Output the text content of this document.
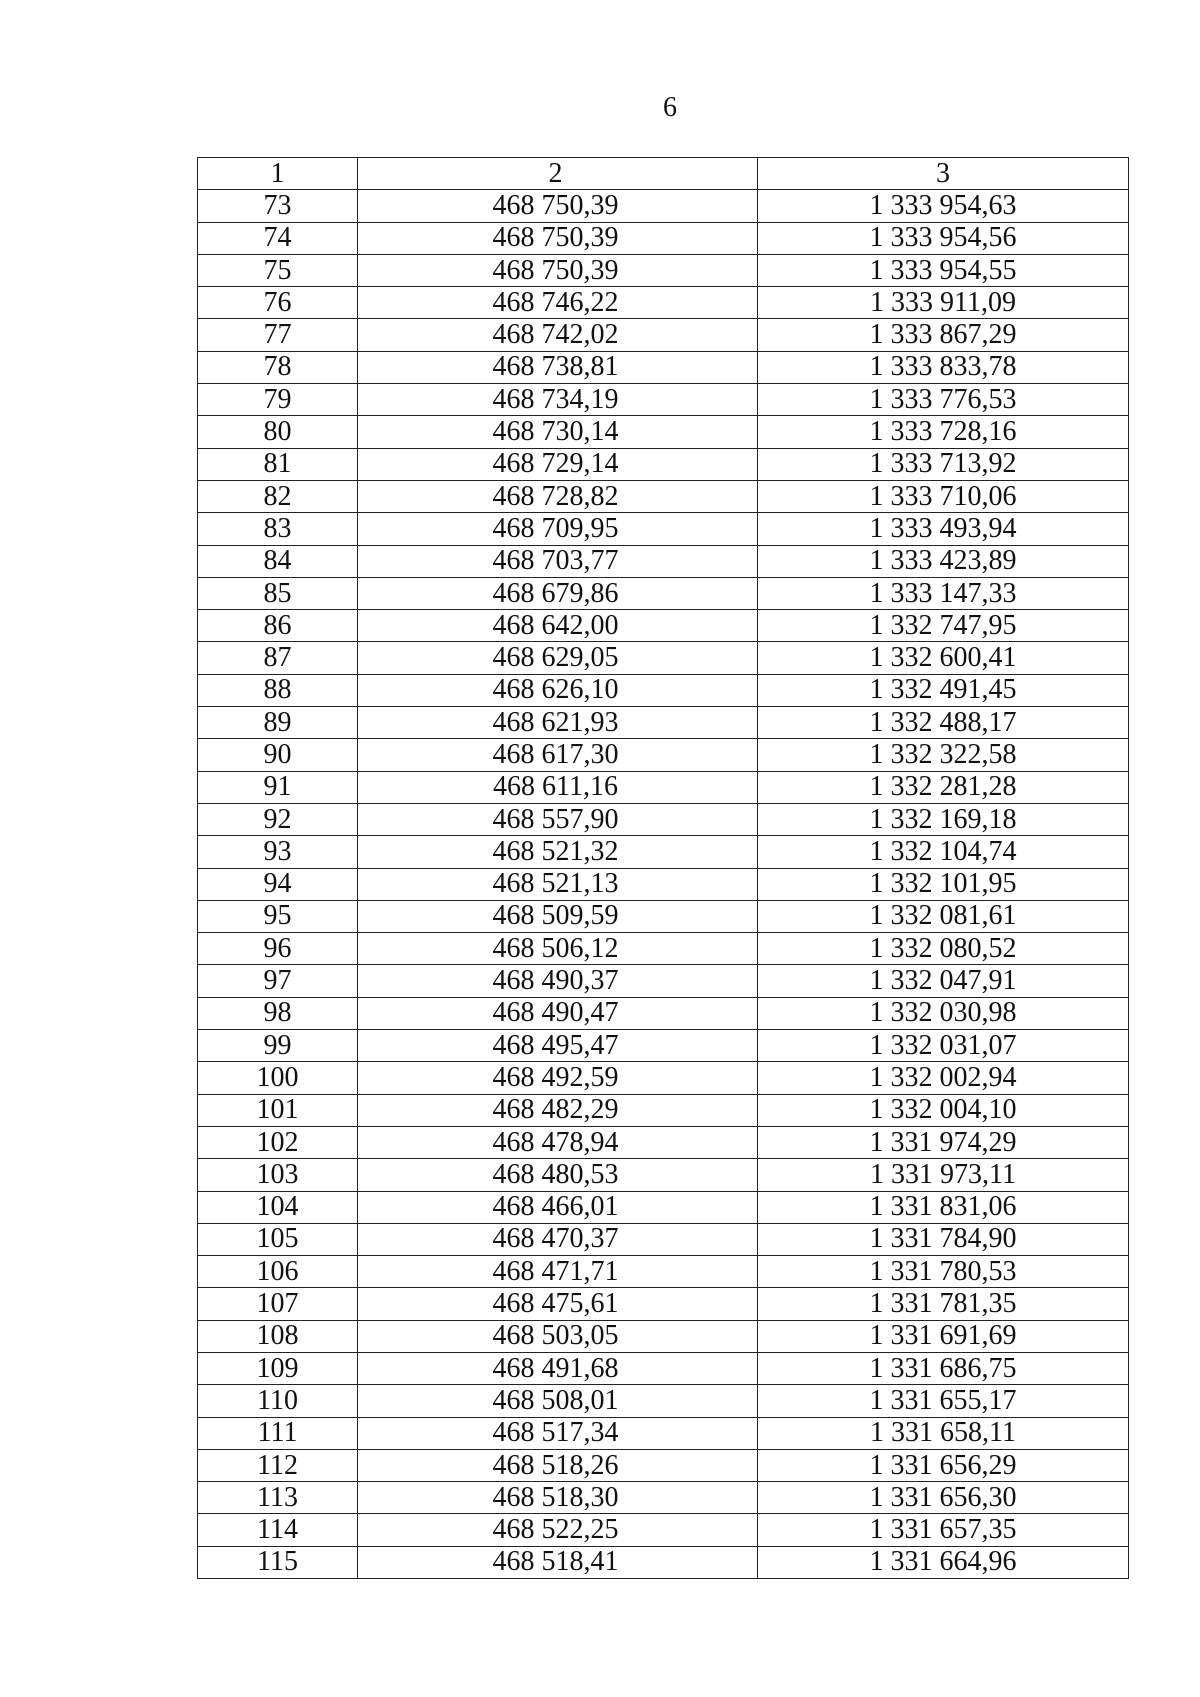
6
1	2	3
73	468 750,39	1 333 954,63
74	468 750,39	1 333 954,56
75	468 750,39	1 333 954,55
76	468 746,22	1 333 911,09
77	468 742,02	1 333 867,29
78	468 738,81	1 333 833,78
79	468 734,19	1 333 776,53
80	468 730,14	1 333 728,16
81	468 729,14	1 333 713,92
82	468 728,82	1 333 710,06
83	468 709,95	1 333 493,94
84	468 703,77	1 333 423,89
85	468 679,86	1 333 147,33
86	468 642,00	1 332 747,95
87	468 629,05	1 332 600,41
88	468 626,10	1 332 491,45
89	468 621,93	1 332 488,17
90	468 617,30	1 332 322,58
91	468 611,16	1 332 281,28
92	468 557,90	1 332 169,18
93	468 521,32	1 332 104,74
94	468 521,13	1 332 101,95
95	468 509,59	1 332 081,61
96	468 506,12	1 332 080,52
97	468 490,37	1 332 047,91
98	468 490,47	1 332 030,98
99	468 495,47	1 332 031,07
100	468 492,59	1 332 002,94
101	468 482,29	1 332 004,10
102	468 478,94	1 331 974,29
103	468 480,53	1 331 973,11
104	468 466,01	1 331 831,06
105	468 470,37	1 331 784,90
106	468 471,71	1 331 780,53
107	468 475,61	1 331 781,35
108	468 503,05	1 331 691,69
109	468 491,68	1 331 686,75
110	468 508,01	1 331 655,17
111	468 517,34	1 331 658,11
112	468 518,26	1 331 656,29
113	468 518,30	1 331 656,30
114	468 522,25	1 331 657,35
115	468 518,41	1 331 664,96
